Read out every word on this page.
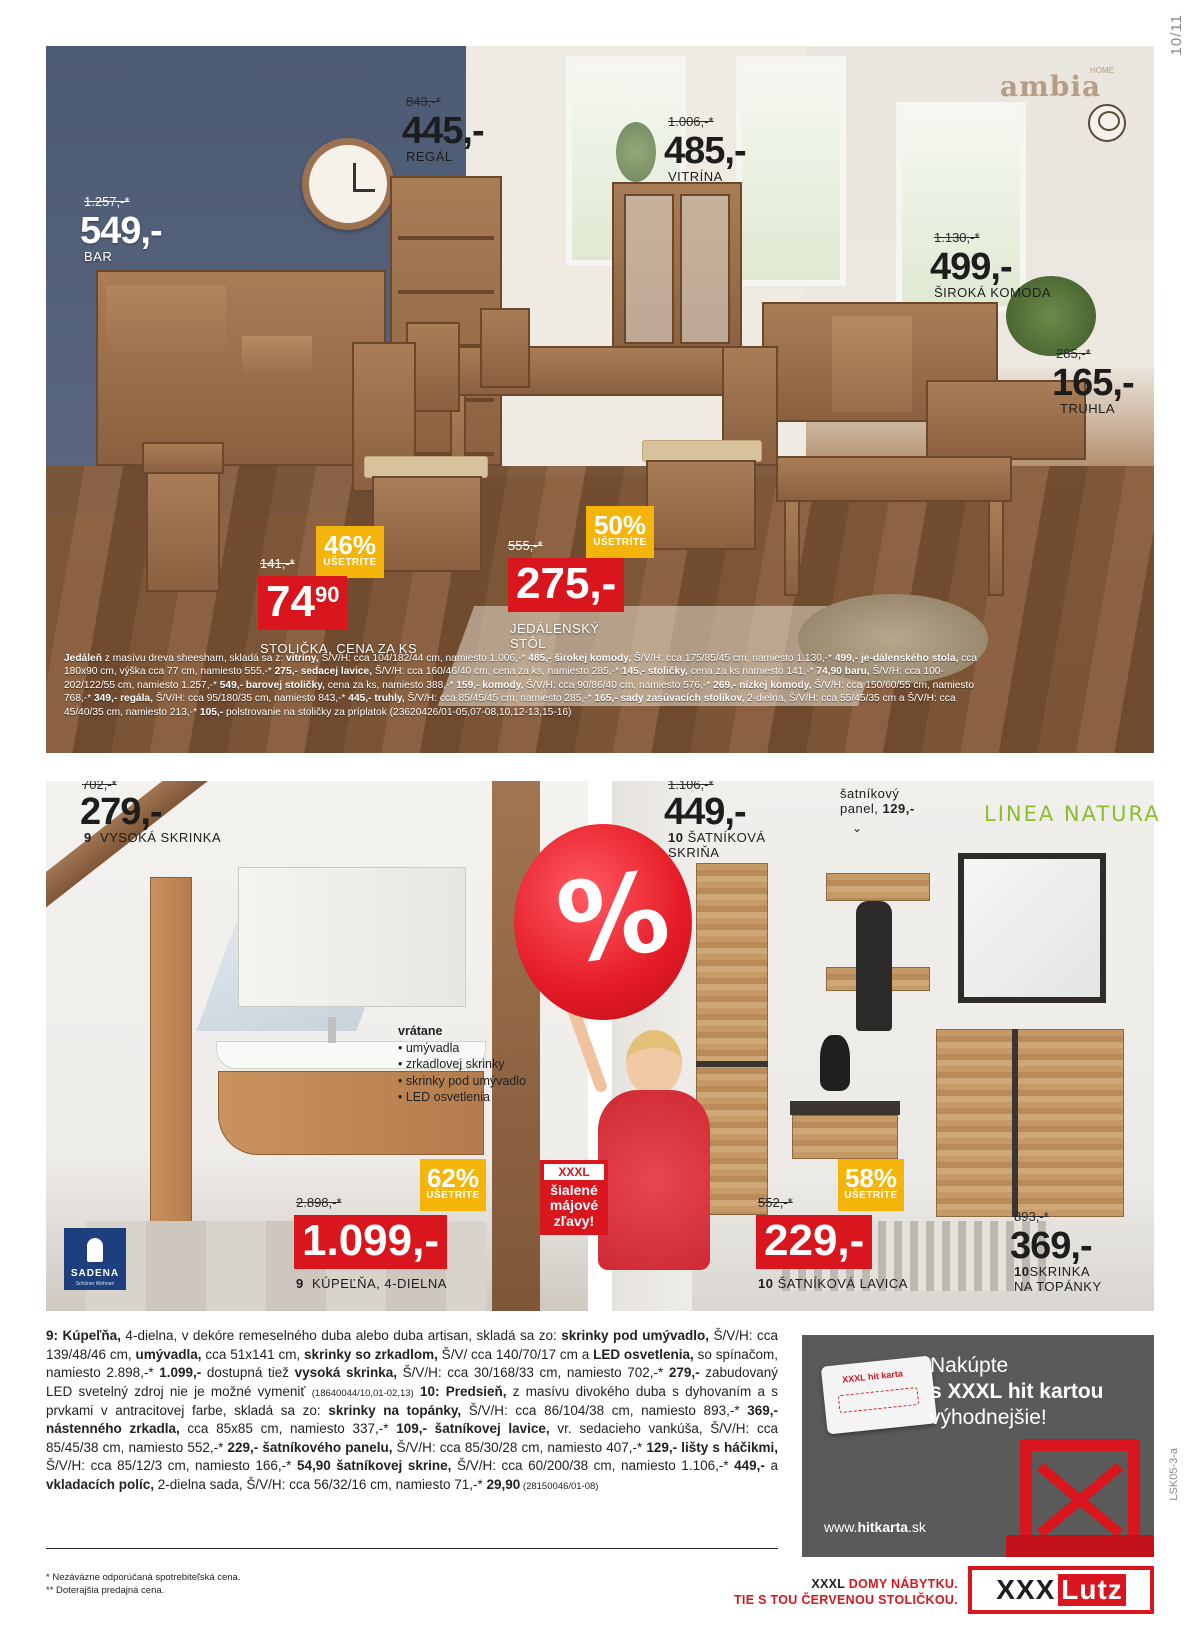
10/11
LSK05-3-a
ambia
HOME
1.257,-*
549,-
BAR
843,-*
445,-
REGÁL
1.006,-*
485,-
VITRÍNA
1.130,-*
499,-
ŠIROKÁ KOMODA
285,-*
165,-
TRUHLA
46%
UŠETRÍTE
141,-*
$74^{90}$
STOLIČKA, CENA ZA KS
50%
UŠETRÍTE
555,-*
275,-
JEDÁLENSKÝ
STÔL
Jedáleň z masívu dreva sheesham, skladá sa z: vitríny, Š/V/H: cca 104/182/44 cm, namiesto 1.006,-* 485,- širokej komody, Š/V/H: cca 175/85/45 cm, namiesto 1.130,-* 499,- je-dálenského stola, cca 180x90 cm, výška cca 77 cm, namiesto 555,-* 275,- sedacej lavice, Š/V/H: cca 160/46/40 cm, cena za ks, namiesto 285,-* 145,- stoličky, cena za ks namiesto 141,-* 74,90 baru, Š/V/H: cca 100-202/122/55 cm, namiesto 1.257,-* 549,- barovej stoličky, cena za ks, namiesto 388,-* 159,- komody, Š/V/H: cca 90/86/40 cm, namiesto 576,-* 269,- nízkej komody, Š/V/H: cca 150/60/55 cm, namiesto 768,-* 349,- regála, Š/V/H: cca 95/180/35 cm, namiesto 843,-* 445,- truhly, Š/V/H: cca 85/45/45 cm, namiesto 285,-* 165,- sady zasúvacích stolíkov, 2-dielna, Š/V/H: cca 55/45/35 cm a Š/V/H: cca 45/40/35 cm, namiesto 213,-* 105,- polstrovanie na stoličky za príplatok (23620426/01-05,07-08,10,12-13,15-16)
702,-*
279,-
9 VYSOKÁ SKRINKA
62%
UŠETRÍTE
2.898,-*
1.099,-
9 KÚPEĽŇA, 4-DIELNA
vrátane
• umývadla
• zrkadlovej skrinky
• skrinky pod umývadlo
• LED osvetlenia
SADENA
Schöner Wohnen
%
XXXL
šialené
májové
zľavy!
1.106,-*
449,-
10 ŠATNÍKOVÁ
SKRIŇA
šatníkový
panel, 129,-
⌄
58%
UŠETRÍTE
552,-*
229,-
10 ŠATNÍKOVÁ LAVICA
893,-*
369,-
10SKRINKA
NA TOPÁNKY
LINEA NATURA
9: Kúpeľňa, 4-dielna, v dekóre remeselného duba alebo duba artisan, skladá sa zo: skrinky pod umývadlo, Š/V/H: cca 139/48/46 cm, umývadla, cca 51x141 cm, skrinky so zrkadlom, Š/V/ cca 140/70/17 cm a LED osvetlenia, so spínačom, namiesto 2.898,-* 1.099,- dostupná tiež vysoká skrinka, Š/V/H: cca 30/168/33 cm, namiesto 702,-* 279,- zabudovaný LED svetelný zdroj nie je možné vymeniť (18640044/10,01-02,13) 10: Predsieň, z masívu divokého duba s dyhovaním a s prvkami v antracitovej farbe, skladá sa zo: skrinky na topánky, Š/V/H: cca 86/104/38 cm, namiesto 893,-* 369,- nástenného zrkadla, cca 85x85 cm, namiesto 337,-* 109,- šatníkovej lavice, vr. sedacieho vankúša, Š/V/H: cca 85/45/38 cm, namiesto 552,-* 229,- šatníkového panelu, Š/V/H: cca 85/30/28 cm, namiesto 407,-* 129,- lišty s háčikmi, Š/V/H: cca 85/12/3 cm, namiesto 166,-* 54,90 šatníkovej skrine, Š/V/H: cca 60/200/38 cm, namiesto 1.106,-* 449,- a vkladacích políc, 2-dielna sada, Š/V/H: cca 56/32/16 cm, namiesto 71,-* 29,90 (28150046/01-08)
* Nezáväzne odporúčaná spotrebiteľská cena.
** Doterajšia predajná cena.
XXXL hit karta Nakúpte
s XXXL hit kartou
výhodnejšie!
www.hitkarta.sk
XXXL DOMY NÁBYTKU.
TIE S TOU ČERVENOU STOLIČKOU. XXX Lutz
